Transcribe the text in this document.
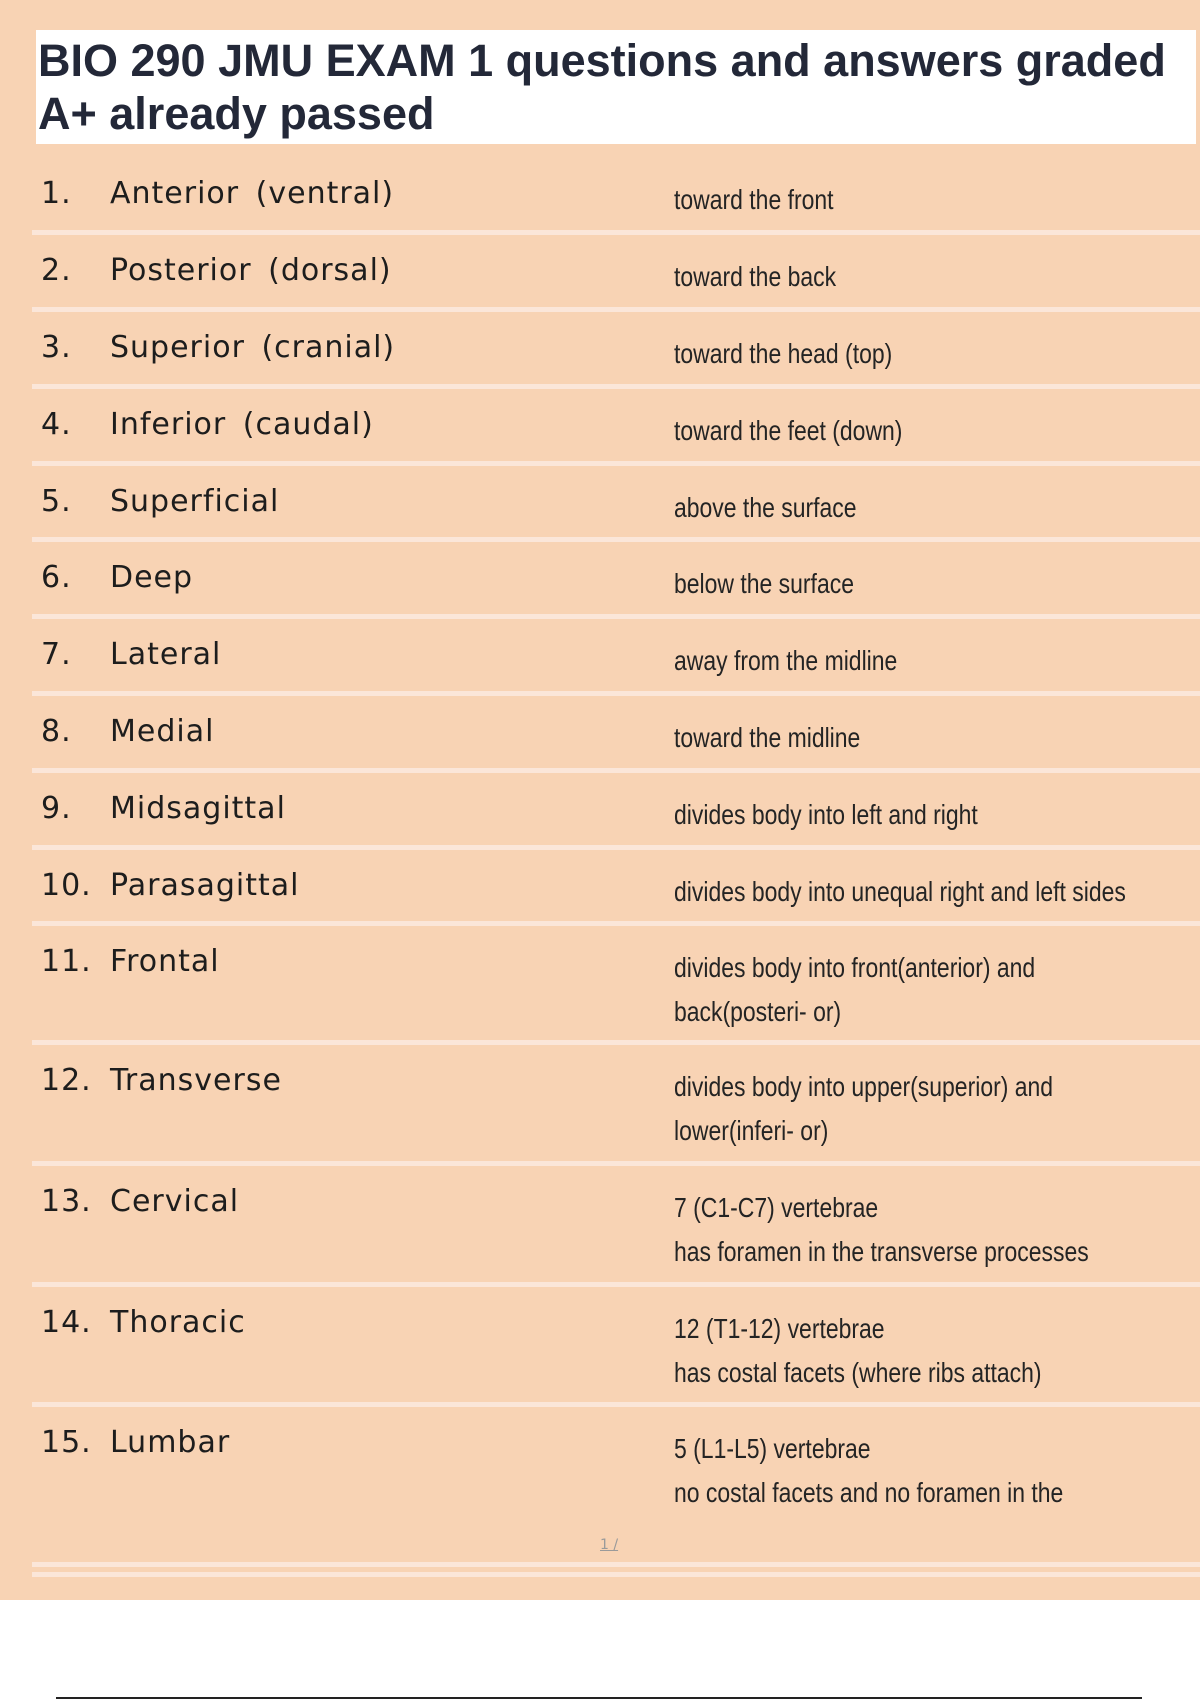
BIO 290 JMU EXAM 1 questions and answers graded A+ already passed
1. Anterior (ventral)	toward the front
2. Posterior (dorsal)	toward the back
3. Superior (cranial)	toward the head (top)
4. Inferior (caudal)	toward the feet (down)
5. Superficial	above the surface
6. Deep	below the surface
7. Lateral	away from the midline
8. Medial	toward the midline
9. Midsagittal	divides body into left and right
10. Parasagittal	divides body into unequal right and left sides
11. Frontal	divides body into front(anterior) and
back(posteri- or)
12. Transverse	divides body into upper(superior) and
lower(inferi- or)
13. Cervical	7 (C1-C7) vertebrae
has foramen in the transverse processes
14. Thoracic	12 (T1-12) vertebrae
has costal facets (where ribs attach)
15. Lumbar	5 (L1-L5) vertebrae
no costal facets and no foramen in the
1 /
